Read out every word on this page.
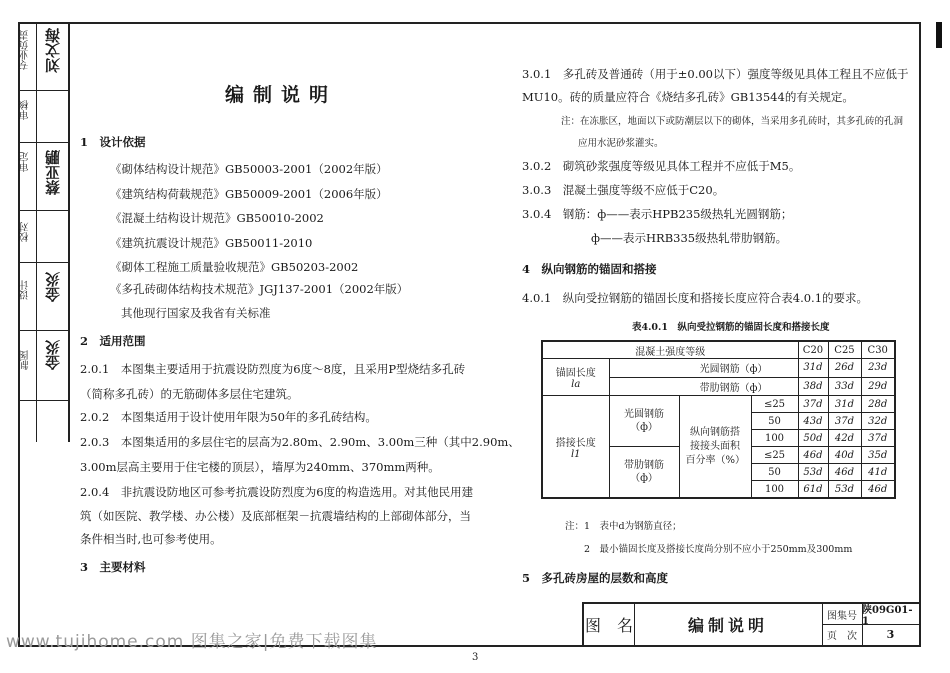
专业负责 刘文海
审核
审定 蔡亚鹏
校对
设计 金炎
制图 金炎
编制说明
1　设计依据
《砌体结构设计规范》GB50003-2001（2002年版）
《建筑结构荷载规范》GB50009-2001（2006年版）
《混凝土结构设计规范》GB50010-2002
《建筑抗震设计规范》GB50011-2010
《砌体工程施工质量验收规范》GB50203-2002
《多孔砖砌体结构技术规范》JGJ137-2001（2002年版）
其他现行国家及我省有关标准
2　适用范围
2.0.1　本图集主要适用于抗震设防烈度为6度～8度，且采用P型烧结多孔砖
（简称多孔砖）的无筋砌体多层住宅建筑。
2.0.2　本图集适用于设计使用年限为50年的多孔砖结构。
2.0.3　本图集适用的多层住宅的层高为2.80m、2.90m、3.00m三种（其中2.90m、
3.00m层高主要用于住宅楼的顶层），墙厚为240mm、370mm两种。
2.0.4　非抗震设防地区可参考抗震设防烈度为6度的构造选用。对其他民用建
筑（如医院、教学楼、办公楼）及底部框架－抗震墙结构的上部砌体部分，当
条件相当时,也可参考使用。
3　主要材料
3.0.1　多孔砖及普通砖（用于±0.00以下）强度等级见具体工程且不应低于
MU10。砖的质量应符合《烧结多孔砖》GB13544的有关规定。
注：在冻胀区，地面以下或防潮层以下的砌体，当采用多孔砖时，其多孔砖的孔洞
应用水泥砂浆灌实。
3.0.2　砌筑砂浆强度等级见具体工程并不应低于M5。
3.0.3　混凝土强度等级不应低于C20。
3.0.4　钢筋：ф——表示HPB235级热轧光圆钢筋；
ф——表示HRB335级热轧带肋钢筋。
4　纵向钢筋的锚固和搭接
4.0.1　纵向受拉钢筋的锚固长度和搭接长度应符合表4.0.1的要求。
表4.0.1　纵向受拉钢筋的锚固长度和搭接长度
混凝土强度等级				C20	C25	C30

锚固长度
la	光圆钢筋（ф）			31d	26d	23d
	带肋钢筋（ф）			38d	33d	29d

搭接长度
l1	光圆钢筋（ф）	纵向钢筋搭接接头面积百分率（%）	≤25	37d	31d	28d
			50	43d	37d	32d
			100	50d	42d	37d
	带肋钢筋（ф）		≤25	46d	40d	35d
			50	53d	46d	41d
			100	61d	53d	46d
注：1　表中d为钢筋直径；
2　最小锚固长度及搭接长度尚分别不应小于250mm及300mm
5　多孔砖房屋的层数和高度
图　名	编制说明	图集号 陕09G01-1
页　次	3
www.tujihome.com 图集之家|免费下载图集
3
